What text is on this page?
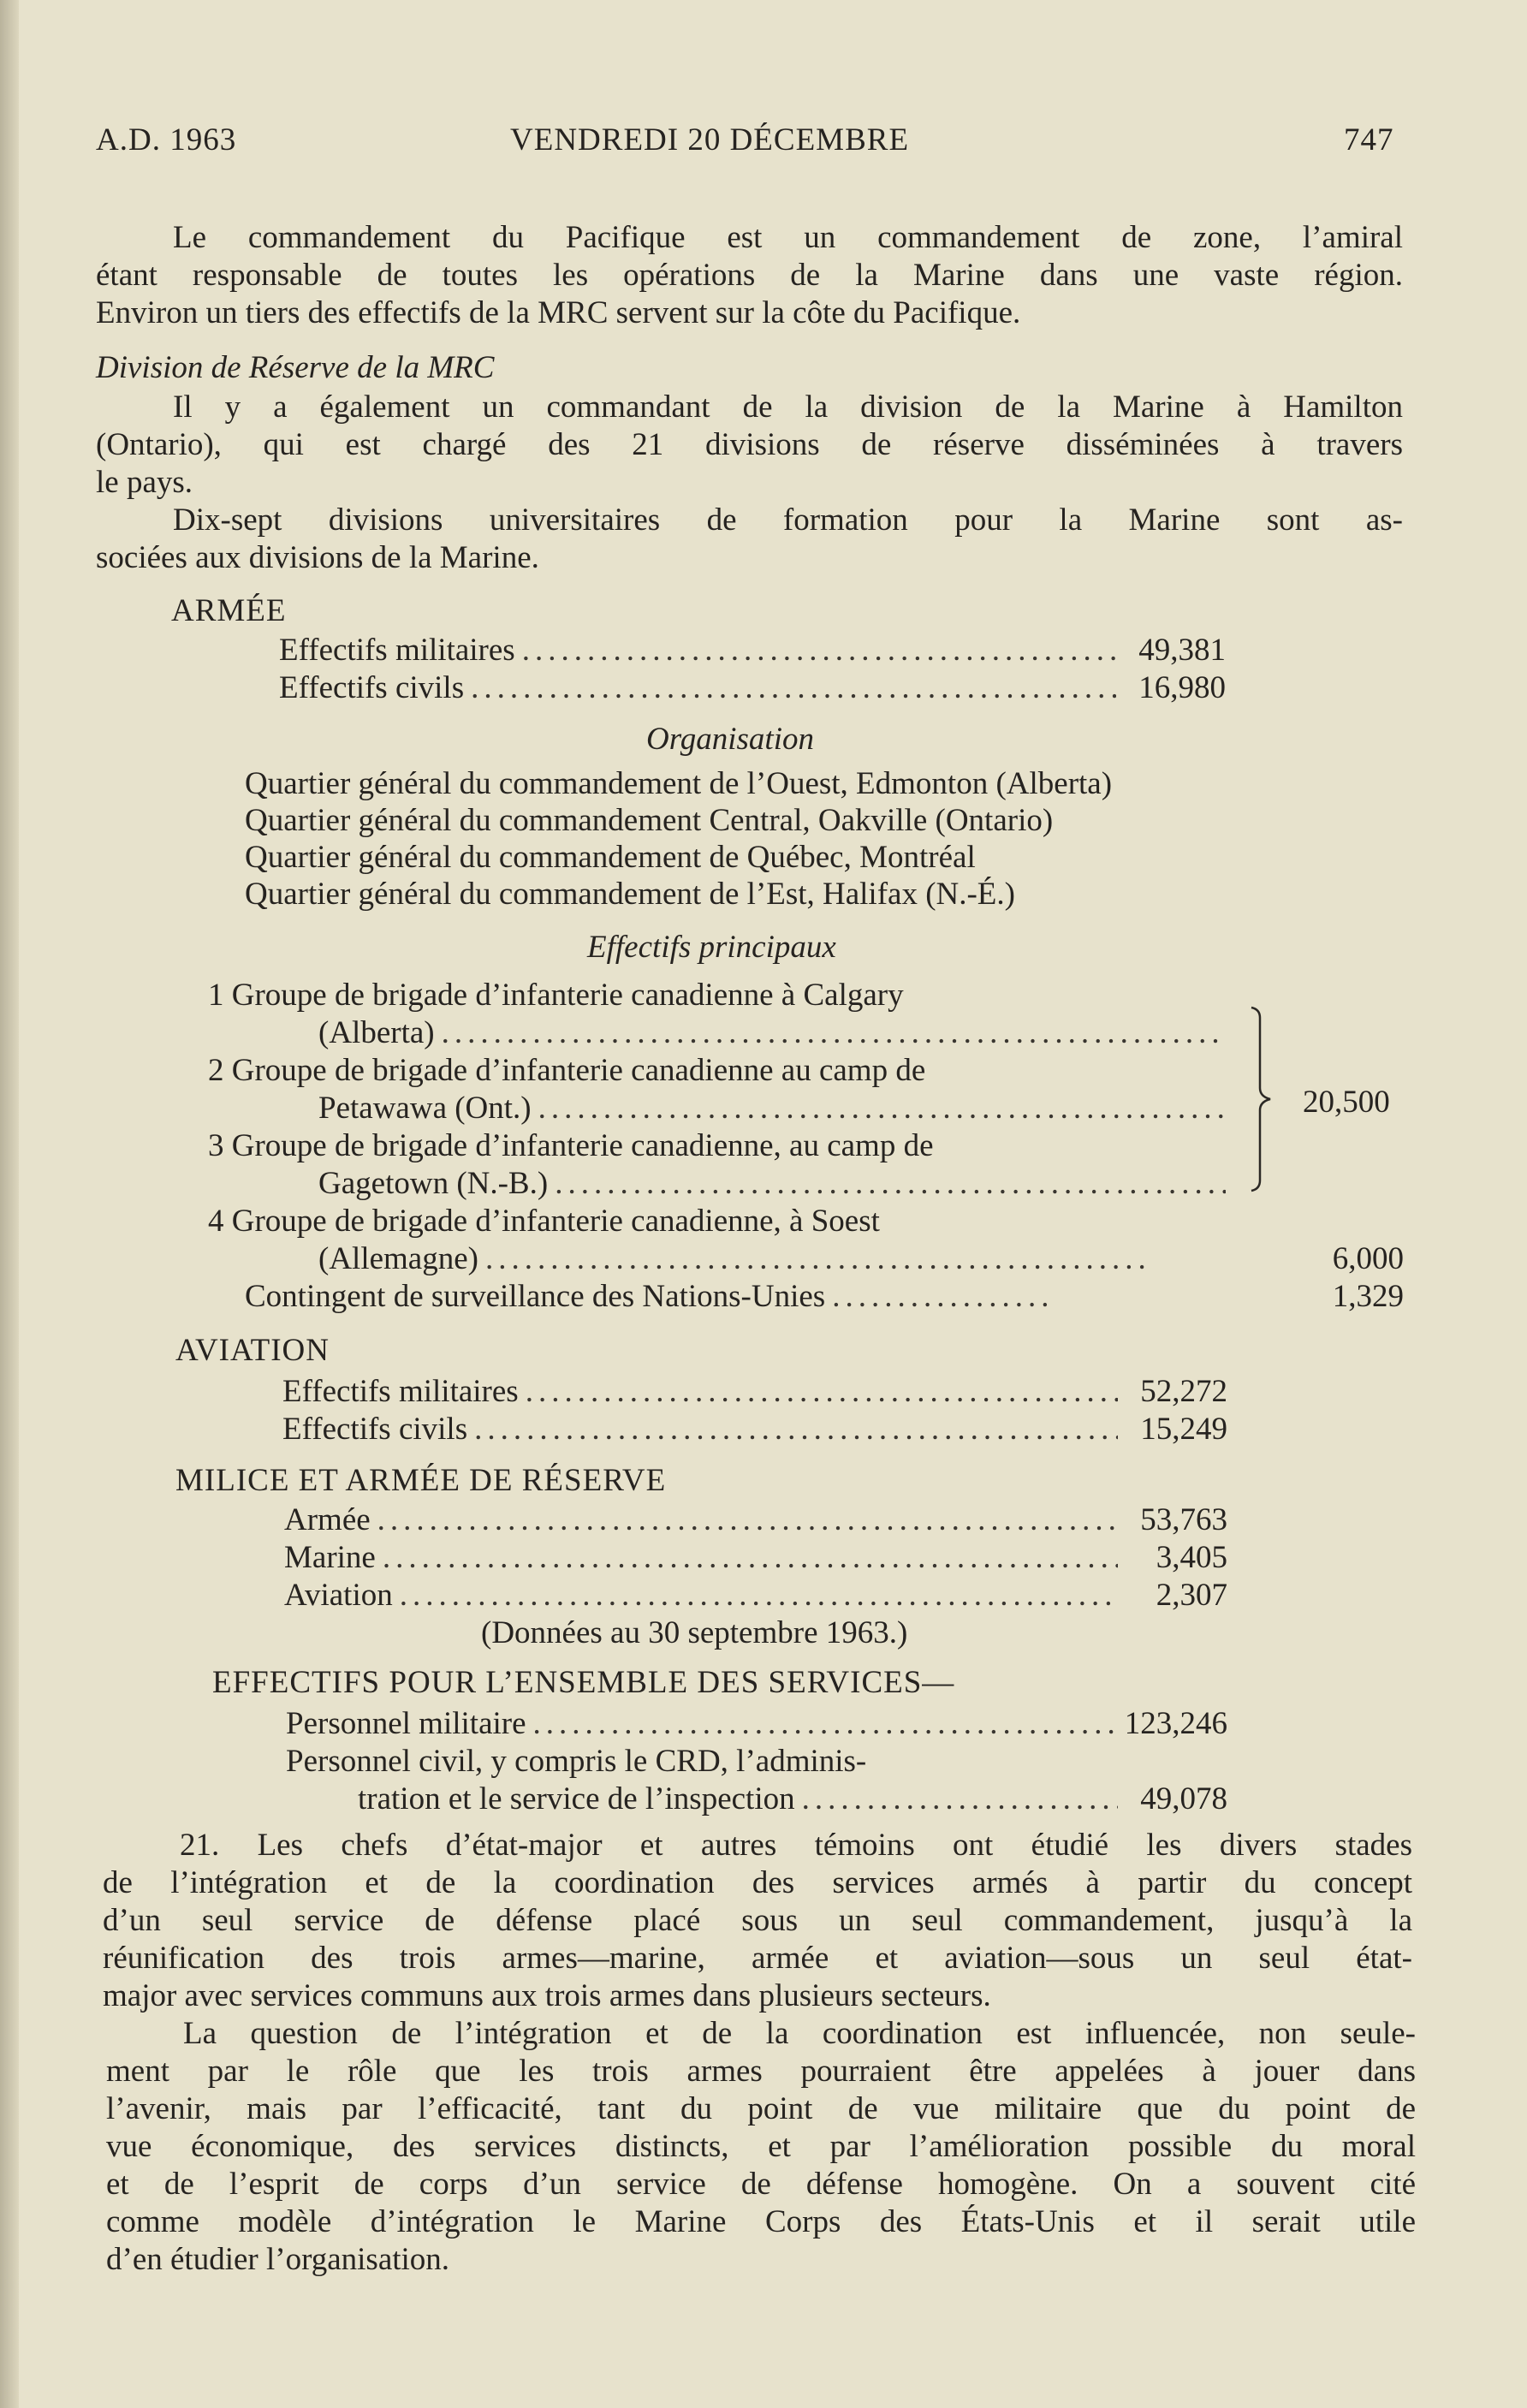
A.D. 1963	VENDREDI 20 DÉCEMBRE	747
Le commandement du Pacifique est un commandement de zone, l’amiral
étant responsable de toutes les opérations de la Marine dans une vaste région.
Environ un tiers des effectifs de la MRC servent sur la côte du Pacifique.
Division de Réserve de la MRC
Il y a également un commandant de la division de la Marine à Hamilton
(Ontario), qui est chargé des 21 divisions de réserve disséminées à travers
le pays.
Dix-sept divisions universitaires de formation pour la Marine sont as-
sociées aux divisions de la Marine.
ARMÉE
Effectifs militaires .....	49,381
Effectifs civils .....	16,980
Organisation
Quartier général du commandement de l’Ouest, Edmonton (Alberta)
Quartier général du commandement Central, Oakville (Ontario)
Quartier général du commandement de Québec, Montréal
Quartier général du commandement de l’Est, Halifax (N.-É.)
Effectifs principaux
1 Groupe de brigade d’infanterie canadienne à Calgary
(Alberta)
.....
2 Groupe de brigade d’infanterie canadienne au camp de
Petawawa (Ont.)
.....
3 Groupe de brigade d’infanterie canadienne, au camp de
Gagetown (N.-B.)
.....
20,500
4 Groupe de brigade d’infanterie canadienne, à Soest
(Allemagne) .....	6,000
Contingent de surveillance des Nations-Unies .....	1,329
AVIATION
Effectifs militaires .....	52,272
Effectifs civils .....	15,249
MILICE ET ARMÉE DE RÉSERVE
Armée .....	53,763
Marine .....	3,405
Aviation .....	2,307
(Données au 30 septembre 1963.)
EFFECTIFS POUR L’ENSEMBLE DES SERVICES—
Personnel militaire .....	123,246
Personnel civil, y compris le CRD, l’adminis-
tration et le service de l’inspection .....	49,078
21. Les chefs d’état-major et autres témoins ont étudié les divers stades
de l’intégration et de la coordination des services armés à partir du concept
d’un seul service de défense placé sous un seul commandement, jusqu’à la
réunification des trois armes—marine, armée et aviation—sous un seul état-
major avec services communs aux trois armes dans plusieurs secteurs.
La question de l’intégration et de la coordination est influencée, non seule-
ment par le rôle que les trois armes pourraient être appelées à jouer dans
l’avenir, mais par l’efficacité, tant du point de vue militaire que du point de
vue économique, des services distincts, et par l’amélioration possible du moral
et de l’esprit de corps d’un service de défense homogène. On a souvent cité
comme modèle d’intégration le Marine Corps des États-Unis et il serait utile
d’en étudier l’organisation.
